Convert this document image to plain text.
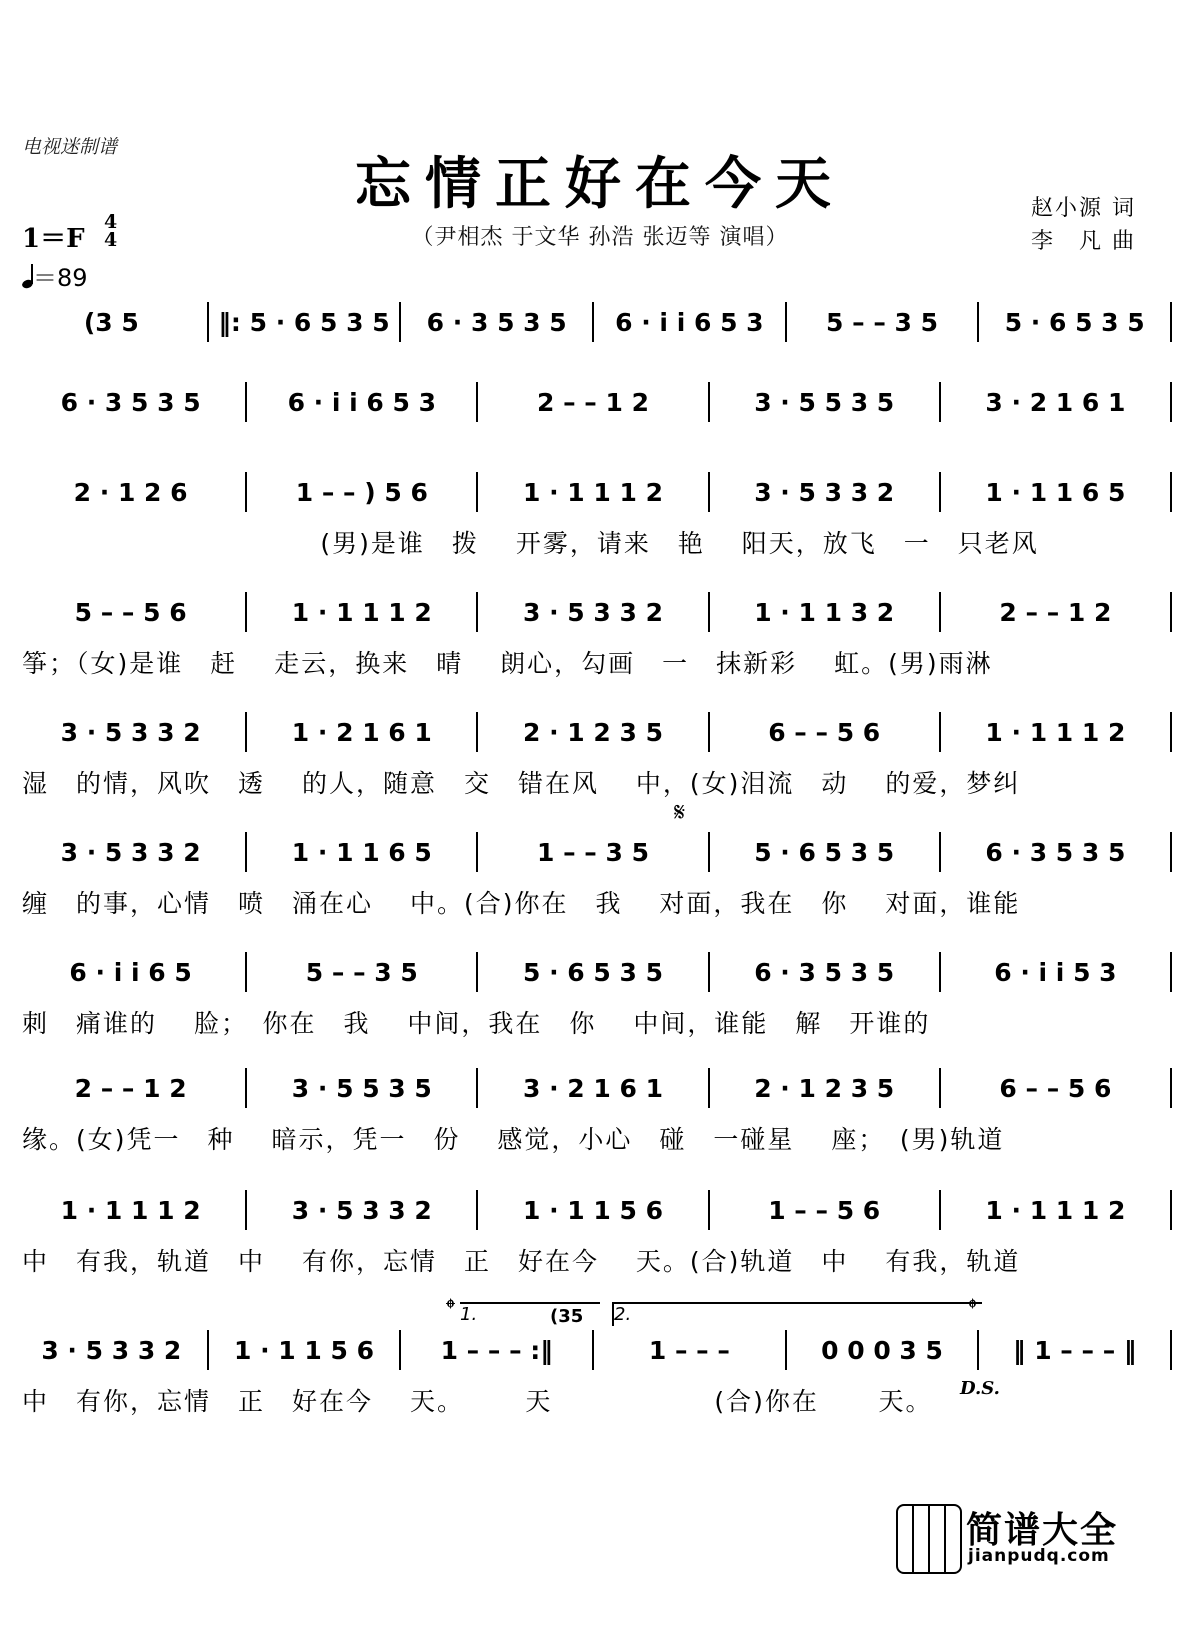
电视迷制谱
忘情正好在今天
（尹相杰 于文华 孙浩 张迈等 演唱）
赵小源 词
李　凡 曲
1＝F
4
4
＝89
(3 5	‖: 5 · 6 5 3 5	6 · 3 5 3 5	6 · i i 6 5 3	5 – – 3 5	5 · 6 5 3 5
6 · 3 5 3 5	6 · i i 6 5 3	2 – – 1 2	3 · 5 5 3 5	3 · 2 1 6 1
2 · 1 2 6	1 – – ) 5 6	1 · 1 1 1 2	3 · 5 3 3 2	1 · 1 1 6 5
(男)是谁　拨　 开雾，请来　艳　 阳天，放飞　一　只老风
5 – – 5 6	1 · 1 1 1 2	3 · 5 3 3 2	1 · 1 1 3 2	2 – – 1 2
筝；（女)是谁　赶　 走云，换来　晴　 朗心，勾画　一　抹新彩　 虹。(男)雨淋
3 · 5 3 3 2	1 · 2 1 6 1	2 · 1 2 3 5	6 – – 5 6	1 · 1 1 1 2
湿　的情，风吹　透　 的人，随意　交　错在风　 中，(女)泪流　动　 的爱，梦纠
3 · 5 3 3 2	1 · 1 1 6 5	1 – – 3 5	5 · 6 5 3 5	6 · 3 5 3 5
缠　的事，心情　喷　涌在心　 中。(合)你在　我　 对面，我在　你　 对面，谁能
6 · i i 6 5	5 – – 3 5	5 · 6 5 3 5	6 · 3 5 3 5	6 · i i 5 3
刺　痛谁的　 脸；　你在　我　 中间，我在　你　 中间，谁能　解　开谁的
2 – – 1 2	3 · 5 5 3 5	3 · 2 1 6 1	2 · 1 2 3 5	6 – – 5 6
缘。(女)凭一　种　 暗示，凭一　份　 感觉，小心　碰　一碰星　 座；　(男)轨道
1 · 1 1 1 2	3 · 5 3 3 2	1 · 1 1 5 6	1 – – 5 6	1 · 1 1 1 2
中　有我，轨道　中　 有你，忘情　正　好在今　 天。(合)轨道　中　 有我，轨道
3 · 5 3 3 2	1 · 1 1 5 6	1 – – – :‖	1 – – –	0 0 0 3 5	‖ 1 – – – ‖
中　有你，忘情　正　好在今　 天。　 　 天　　　　　　(合)你在      天。
𝄋
1.	(35 2.
𝄌	𝄌
D.S.
简谱大全
jianpudq.com
